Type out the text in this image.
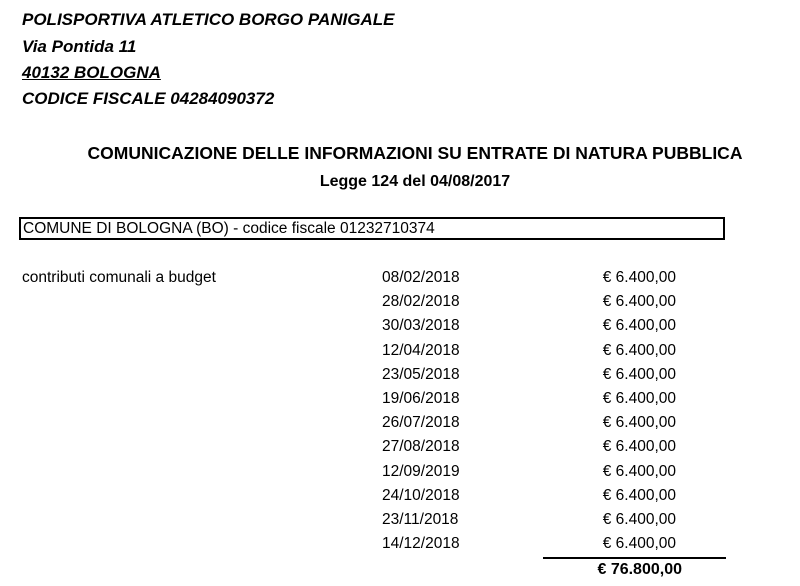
POLISPORTIVA ATLETICO BORGO PANIGALE
Via Pontida 11
40132 BOLOGNA
CODICE FISCALE 04284090372
COMUNICAZIONE DELLE INFORMAZIONI SU ENTRATE DI NATURA PUBBLICA
Legge 124 del 04/08/2017
COMUNE DI BOLOGNA (BO) - codice fiscale 01232710374
contributi comunali a budget	08/02/2018	€ 6.400,00
28/02/2018	€ 6.400,00
30/03/2018	€ 6.400,00
12/04/2018	€ 6.400,00
23/05/2018	€ 6.400,00
19/06/2018	€ 6.400,00
26/07/2018	€ 6.400,00
27/08/2018	€ 6.400,00
12/09/2019	€ 6.400,00
24/10/2018	€ 6.400,00
23/11/2018	€ 6.400,00
14/12/2018	€ 6.400,00
€ 76.800,00
